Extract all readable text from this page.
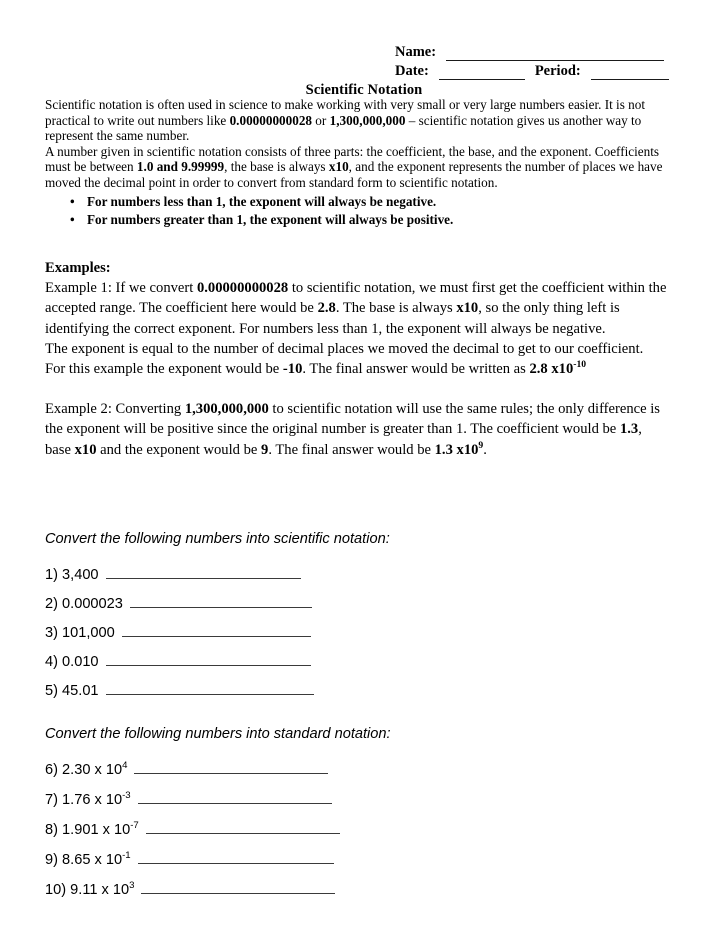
Name:
Date:	Period:
Scientific Notation

Scientific notation is often used in science to make working with very small or very large numbers easier. It is not practical to write out numbers like 0.00000000028 or 1,300,000,000 – scientific notation gives us another way to represent the same number.

A number given in scientific notation consists of three parts: the coefficient, the base, and the exponent. Coefficients must be between 1.0 and 9.99999, the base is always x10, and the exponent represents the number of places we have moved the decimal point in order to convert from standard form to scientific notation.

• For numbers less than 1, the exponent will always be negative.
• For numbers greater than 1, the exponent will always be positive.

Examples:

Example 1: If we convert 0.00000000028 to scientific notation, we must first get the coefficient within the accepted range. The coefficient here would be 2.8. The base is always x10, so the only thing left is identifying the correct exponent. For numbers less than 1, the exponent will always be negative.

The exponent is equal to the number of decimal places we moved the decimal to get to our coefficient. For this example the exponent would be -10. The final answer would be written as 2.8 $x10^{-10}$

Example 2: Converting 1,300,000,000 to scientific notation will use the same rules; the only difference is the exponent will be positive since the original number is greater than 1. The coefficient would be 1.3, base x10 and the exponent would be 9. The final answer would be 1.3 $x10^9$.

Convert the following numbers into scientific notation:
1) 3,400
2) 0.000023
3) 101,000
4) 0.010
5) 45.01
Convert the following numbers into standard notation:
6) 2.30 x $10^4$
7) 1.76 x $10^{-3}$
8) 1.901 x $10^{-7}$
9) 8.65 x $10^{-1}$
10) 9.11 x $10^3$
